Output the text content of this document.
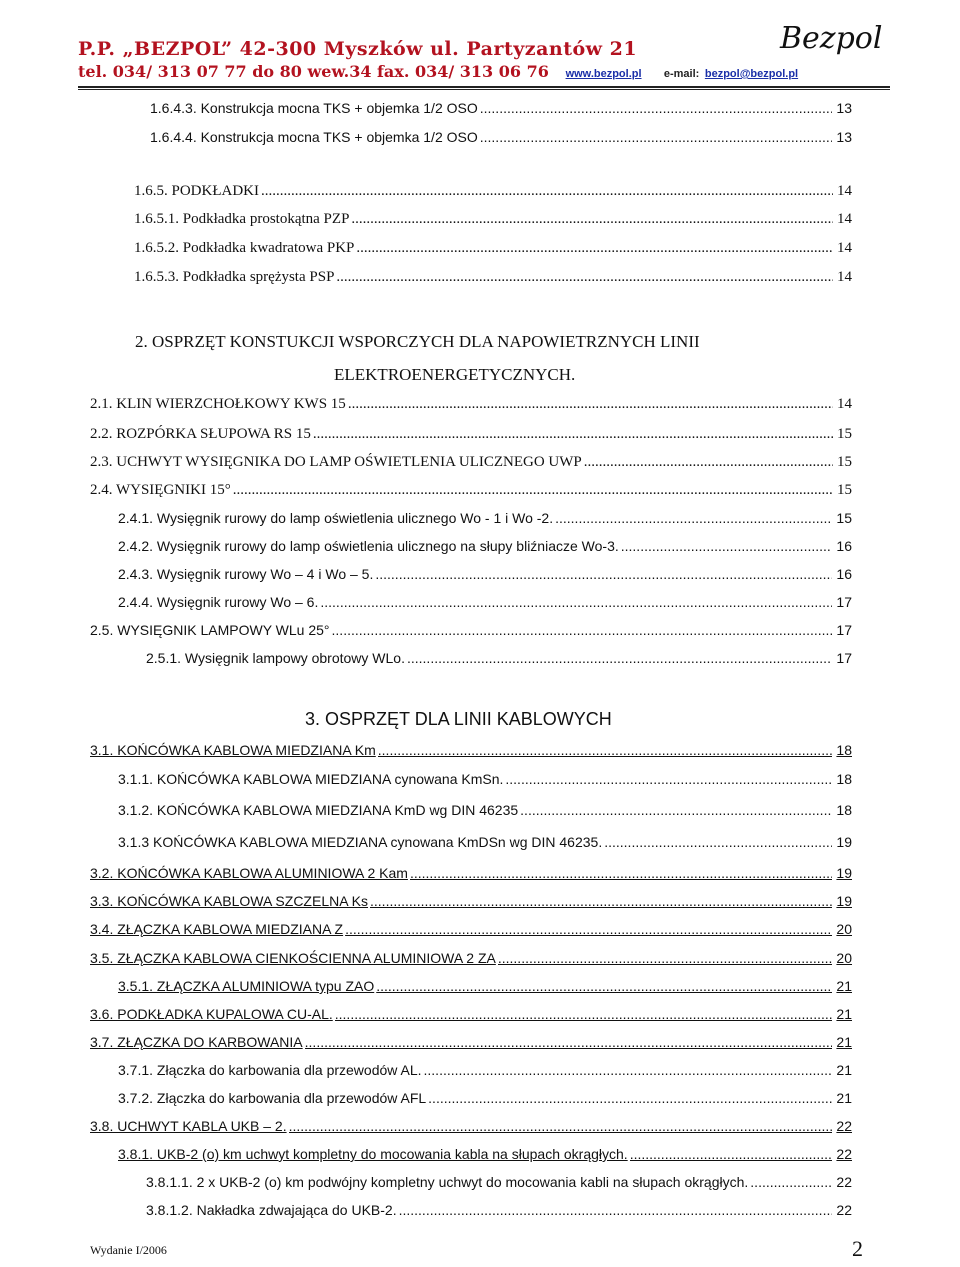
P.P. „BEZPOL” 42-300 Myszków ul. Partyzantów 21
tel. 034/ 313 07 77 do 80 wew.34 fax. 034/ 313 06 76 www.bezpol.pl e-mail: bezpol@bezpol.pl
Bezpol
1.6.4.3. Konstrukcja mocna TKS + objemka 1/2 OSO .....	13
1.6.4.4. Konstrukcja mocna TKS + objemka 1/2 OSO .....	13
1.6.5. PODKŁADKI .....	14
1.6.5.1. Podkładka prostokątna PZP .....	14
1.6.5.2. Podkładka kwadratowa PKP .....	14
1.6.5.3. Podkładka sprężysta PSP .....	14
2. OSPRZĘT KONSTUKCJI WSPORCZYCH DLA NAPOWIETRZNYCH LINII
ELEKTROENERGETYCZNYCH.
2.1. KLIN WIERZCHOŁKOWY KWS 15 .....	14
2.2. ROZPÓRKA SŁUPOWA RS 15 .....	15
2.3. UCHWYT WYSIĘGNIKA DO LAMP OŚWIETLENIA ULICZNEGO UWP .....	15
2.4. WYSIĘGNIKI 15° .....	15
2.4.1. Wysięgnik rurowy do lamp oświetlenia ulicznego Wo - 1 i Wo -2. .....	15
2.4.2. Wysięgnik rurowy do lamp oświetlenia ulicznego na słupy bliźniacze Wo-3. .....	16
2.4.3. Wysięgnik rurowy Wo – 4 i Wo – 5. .....	16
2.4.4. Wysięgnik rurowy Wo – 6. .....	17
2.5. WYSIĘGNIK LAMPOWY WLu 25° .....	17
2.5.1. Wysięgnik lampowy obrotowy WLo. .....	17
3. OSPRZĘT DLA LINII KABLOWYCH
3.1. KOŃCÓWKA KABLOWA MIEDZIANA Km .....	18
3.1.1. KOŃCÓWKA KABLOWA MIEDZIANA cynowana KmSn. .....	18
3.1.2. KOŃCÓWKA KABLOWA MIEDZIANA KmD wg DIN 46235 .....	18
3.1.3 KOŃCÓWKA KABLOWA MIEDZIANA cynowana KmDSn wg DIN 46235. .....	19
3.2. KOŃCÓWKA KABLOWA ALUMINIOWA 2 Kam .....	19
3.3. KOŃCÓWKA KABLOWA SZCZELNA Ks .....	19
3.4. ZŁĄCZKA KABLOWA MIEDZIANA Z .....	20
3.5. ZŁĄCZKA KABLOWA CIENKOŚCIENNA ALUMINIOWA 2 ZA .....	20
3.5.1. ZŁĄCZKA ALUMINIOWA typu ZAO .....	21
3.6. PODKŁADKA KUPALOWA CU-AL. .....	21
3.7. ZŁĄCZKA DO KARBOWANIA .....	21
3.7.1. Złączka do karbowania dla przewodów AL. .....	21
3.7.2. Złączka do karbowania dla przewodów AFL .....	21
3.8. UCHWYT KABLA UKB – 2. .....	22
3.8.1. UKB-2 (o) km uchwyt kompletny do mocowania kabla na słupach okrągłych. .....	22
3.8.1.1. 2 x UKB-2 (o) km podwójny kompletny uchwyt do mocowania kabli na słupach okrągłych. .....	22
3.8.1.2. Nakładka zdwajająca do UKB-2. .....	22
Wydanie I/2006	2
